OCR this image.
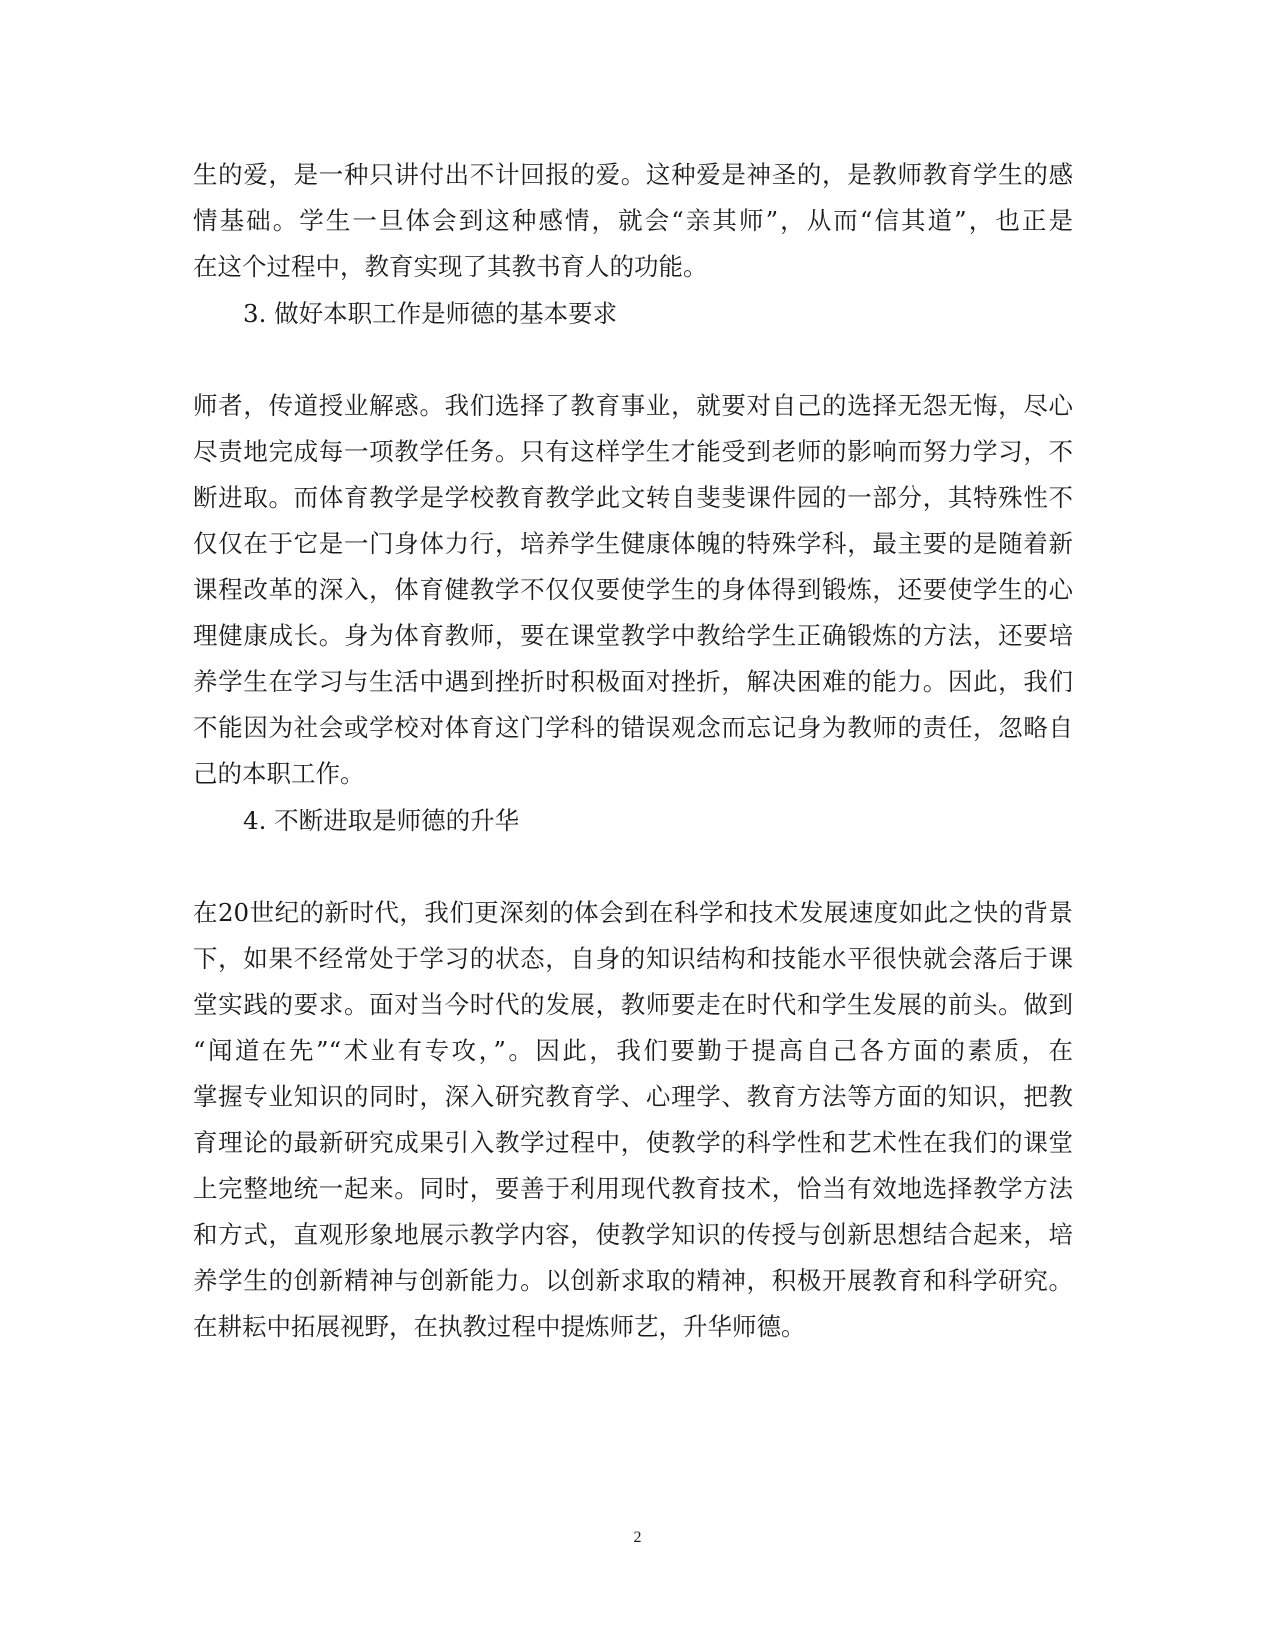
生的爱，是一种只讲付出不计回报的爱。这种爱是神圣的，是教师教育学生的感
情基础。学生一旦体会到这种感情，就会“亲其师”，从而“信其道”，也正是
在这个过程中，教育实现了其教书育人的功能。
3. 做好本职工作是师德的基本要求
师者，传道授业解惑。我们选择了教育事业，就要对自己的选择无怨无悔，尽心
尽责地完成每一项教学任务。只有这样学生才能受到老师的影响而努力学习，不
断进取。而体育教学是学校教育教学此文转自斐斐课件园的一部分，其特殊性不
仅仅在于它是一门身体力行，培养学生健康体魄的特殊学科，最主要的是随着新
课程改革的深入，体育健教学不仅仅要使学生的身体得到锻炼，还要使学生的心
理健康成长。身为体育教师，要在课堂教学中教给学生正确锻炼的方法，还要培
养学生在学习与生活中遇到挫折时积极面对挫折，解决困难的能力。因此，我们
不能因为社会或学校对体育这门学科的错误观念而忘记身为教师的责任，忽略自
己的本职工作。
4. 不断进取是师德的升华
在20世纪的新时代，我们更深刻的体会到在科学和技术发展速度如此之快的背景
下，如果不经常处于学习的状态，自身的知识结构和技能水平很快就会落后于课
堂实践的要求。面对当今时代的发展，教师要走在时代和学生发展的前头。做到
“闻道在先”“术业有专攻，”。因此，我们要勤于提高自己各方面的素质，在
掌握专业知识的同时，深入研究教育学、心理学、教育方法等方面的知识，把教
育理论的最新研究成果引入教学过程中，使教学的科学性和艺术性在我们的课堂
上完整地统一起来。同时，要善于利用现代教育技术，恰当有效地选择教学方法
和方式，直观形象地展示教学内容，使教学知识的传授与创新思想结合起来，培
养学生的创新精神与创新能力。以创新求取的精神，积极开展教育和科学研究。
在耕耘中拓展视野，在执教过程中提炼师艺，升华师德。
2
